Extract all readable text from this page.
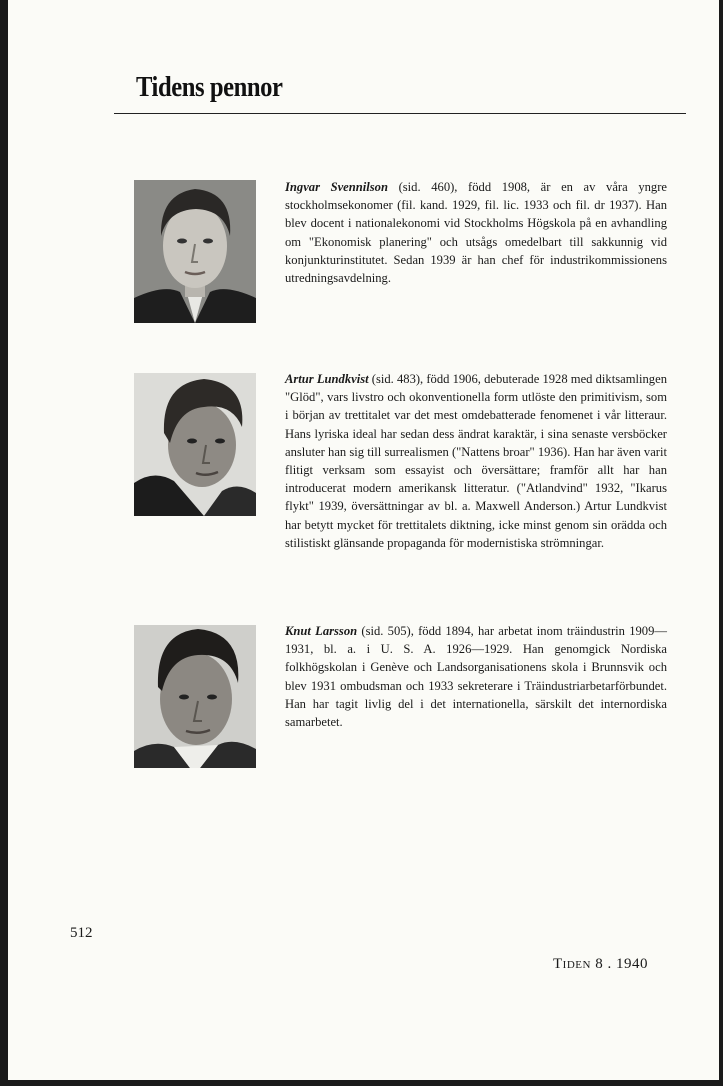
Tidens pennor
Ingvar Svennilson (sid. 460), född 1908, är en av våra yngre stockholmsekonomer (fil. kand. 1929, fil. lic. 1933 och fil. dr 1937). Han blev docent i nationalekonomi vid Stockholms Högskola på en avhandling om "Ekonomisk planering" och utsågs omedelbart till sakkunnig vid konjunkturinstitutet. Sedan 1939 är han chef för industrikommissionens utredningsavdelning.
Artur Lundkvist (sid. 483), född 1906, debuterade 1928 med diktsamlingen "Glöd", vars livstro och okonventionella form utlöste den primitivism, som i början av trettitalet var det mest omdebatterade fenomenet i vår litteraur. Hans lyriska ideal har sedan dess ändrat karaktär, i sina senaste versböcker ansluter han sig till surrealismen ("Nattens broar" 1936). Han har även varit flitigt verksam som essayist och översättare; framför allt har han introducerat modern amerikansk litteratur. ("Atlandvind" 1932, "Ikarus flykt" 1939, översättningar av bl. a. Maxwell Anderson.) Artur Lundkvist har betytt mycket för trettitalets diktning, icke minst genom sin orädda och stilistiskt glänsande propaganda för modernistiska strömningar.
Knut Larsson (sid. 505), född 1894, har arbetat inom träindustrin 1909—1931, bl. a. i U. S. A. 1926—1929. Han genomgick Nordiska folkhögskolan i Genève och Landsorganisationens skola i Brunnsvik och blev 1931 ombudsman och 1933 sekreterare i Träindustriarbetarförbundet. Han har tagit livlig del i det internationella, särskilt det internordiska samarbetet.
512
Tiden 8 . 1940
